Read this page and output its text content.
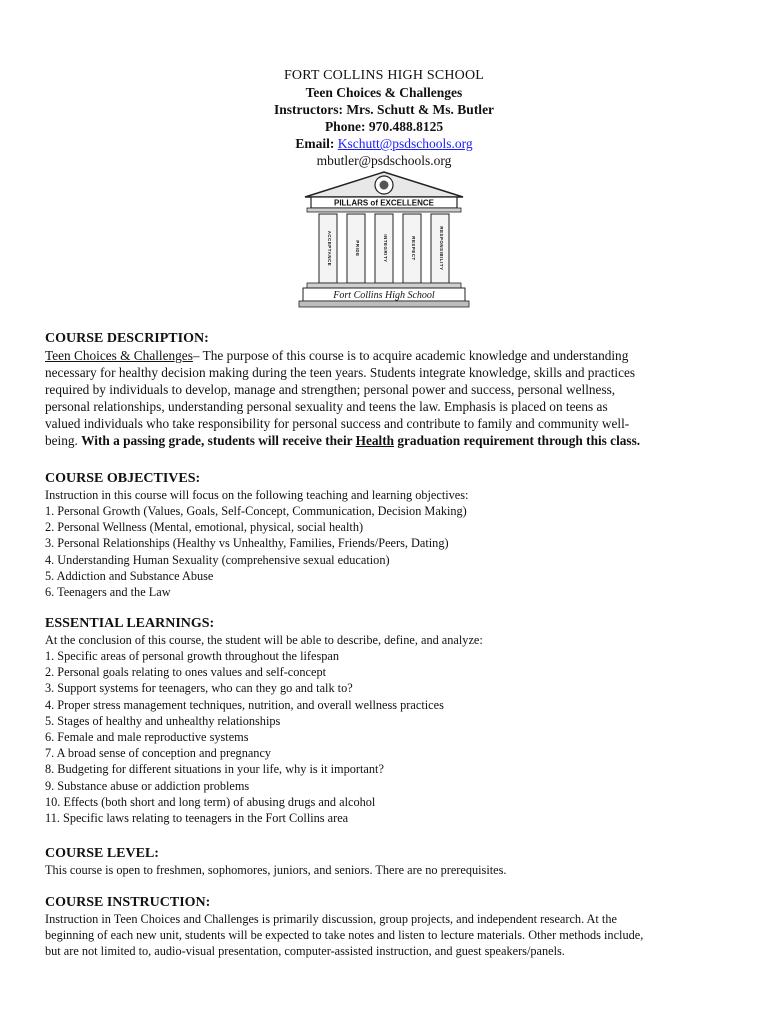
FORT COLLINS HIGH SCHOOL
Teen Choices & Challenges
Instructors: Mrs. Schutt & Ms. Butler
Phone: 970.488.8125
Email: Kschutt@psdschools.org
mbutler@psdschools.org
PILLARS of EXCELLENCE
ACCEPTANCE	PRIDE	INTEGRITY	RESPECT	RESPONSIBILITY
Fort Collins High School
COURSE DESCRIPTION:

Teen Choices & Challenges– The purpose of this course is to acquire academic knowledge and understanding
necessary for healthy decision making during the teen years. Students integrate knowledge, skills and practices
required by individuals to develop, manage and strengthen; personal power and success, personal wellness,
personal relationships, understanding personal sexuality and teens the law. Emphasis is placed on teens as
valued individuals who take responsibility for personal success and contribute to family and community well-
being. With a passing grade, students will receive their Health graduation requirement through this class.

COURSE OBJECTIVES:

Instruction in this course will focus on the following teaching and learning objectives:

1. Personal Growth (Values, Goals, Self-Concept, Communication, Decision Making)
2. Personal Wellness (Mental, emotional, physical, social health)
3. Personal Relationships (Healthy vs Unhealthy, Families, Friends/Peers, Dating)
4. Understanding Human Sexuality (comprehensive sexual education)
5. Addiction and Substance Abuse
6. Teenagers and the Law
ESSENTIAL LEARNINGS:

At the conclusion of this course, the student will be able to describe, define, and analyze:

1. Specific areas of personal growth throughout the lifespan
2. Personal goals relating to ones values and self-concept
3. Support systems for teenagers, who can they go and talk to?
4. Proper stress management techniques, nutrition, and overall wellness practices
5. Stages of healthy and unhealthy relationships
6. Female and male reproductive systems
7. A broad sense of conception and pregnancy
8. Budgeting for different situations in your life, why is it important?
9. Substance abuse or addiction problems
10. Effects (both short and long term) of abusing drugs and alcohol
11. Specific laws relating to teenagers in the Fort Collins area
COURSE LEVEL:

This course is open to freshmen, sophomores, juniors, and seniors. There are no prerequisites.

COURSE INSTRUCTION:

Instruction in Teen Choices and Challenges is primarily discussion, group projects, and independent research. At the
beginning of each new unit, students will be expected to take notes and listen to lecture materials. Other methods include,
but are not limited to, audio-visual presentation, computer-assisted instruction, and guest speakers/panels.
